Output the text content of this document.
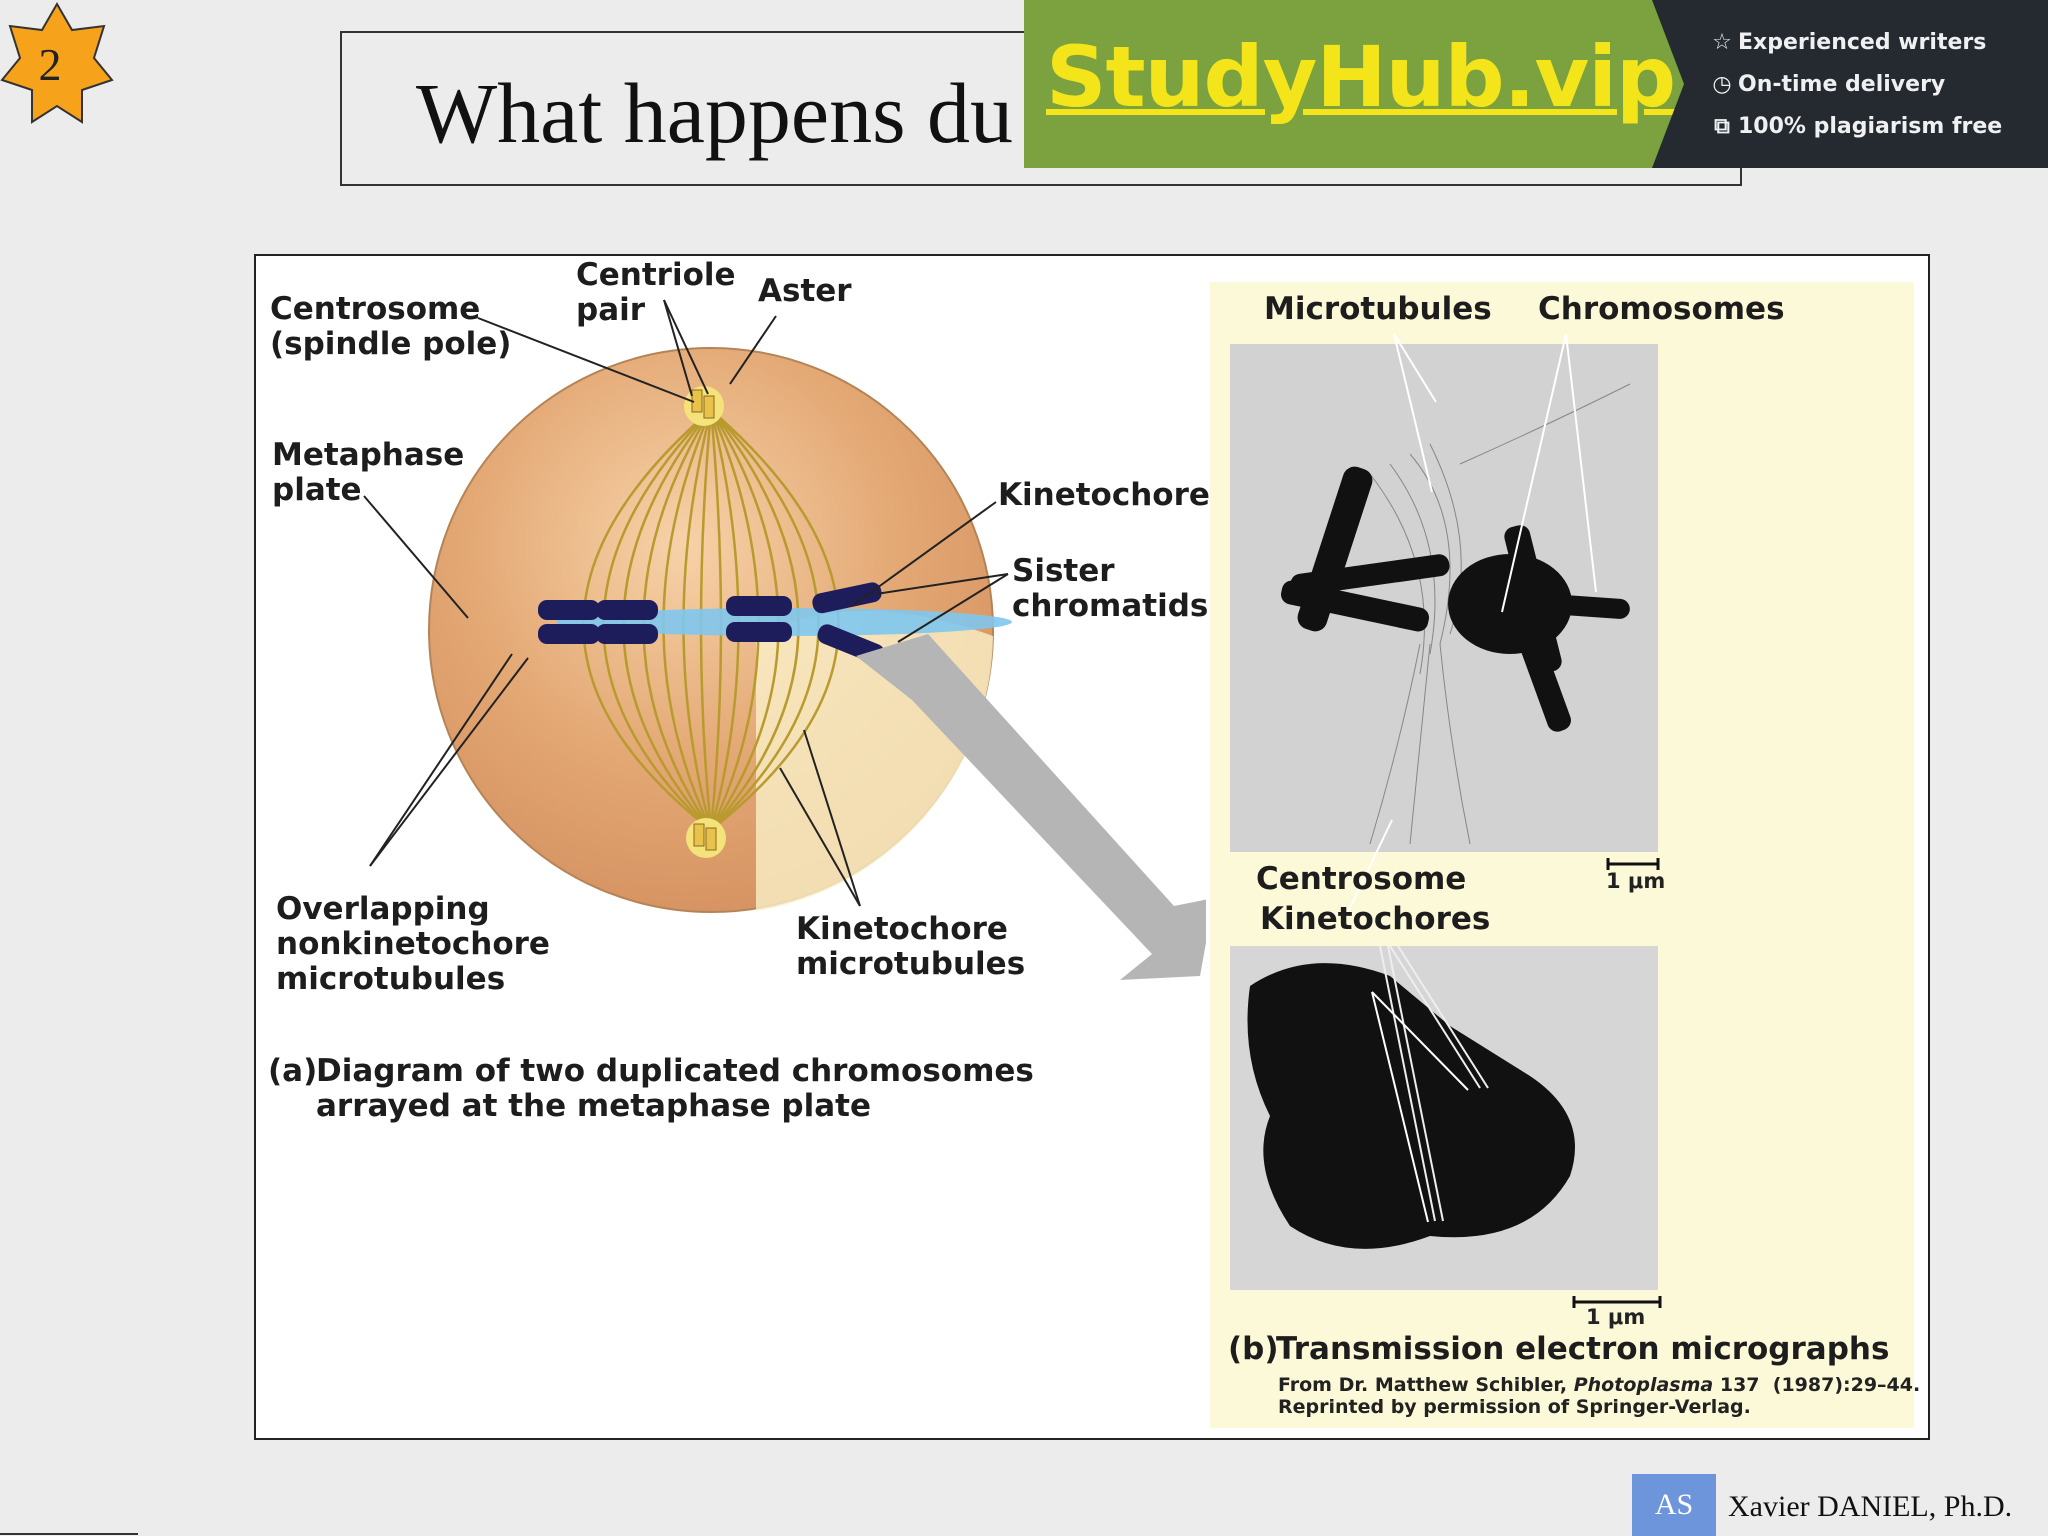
2
What happens du StudyHub.vip ☆ Experienced writers
◷ On-time delivery
⧉ 100% plagiarism free
Centrosome
(spindle pole)
Centriole
pair
Aster
Metaphase
plate	Kinetochore
Sister
chromatids
Overlapping
nonkinetochore
microtubules
Kinetochore
microtubules
(a)
Diagram of two duplicated chromosomes
arrayed at the metaphase plate
Microtubules Chromosomes
Centrosome
Kinetochores
1 μm
1 μm
(b)
Transmission electron micrographs
From Dr. Matthew Schibler, Photoplasma 137  (1987):29–44.
Reprinted by permission of Springer-Verlag.
AS	Xavier DANIEL, Ph.D.
